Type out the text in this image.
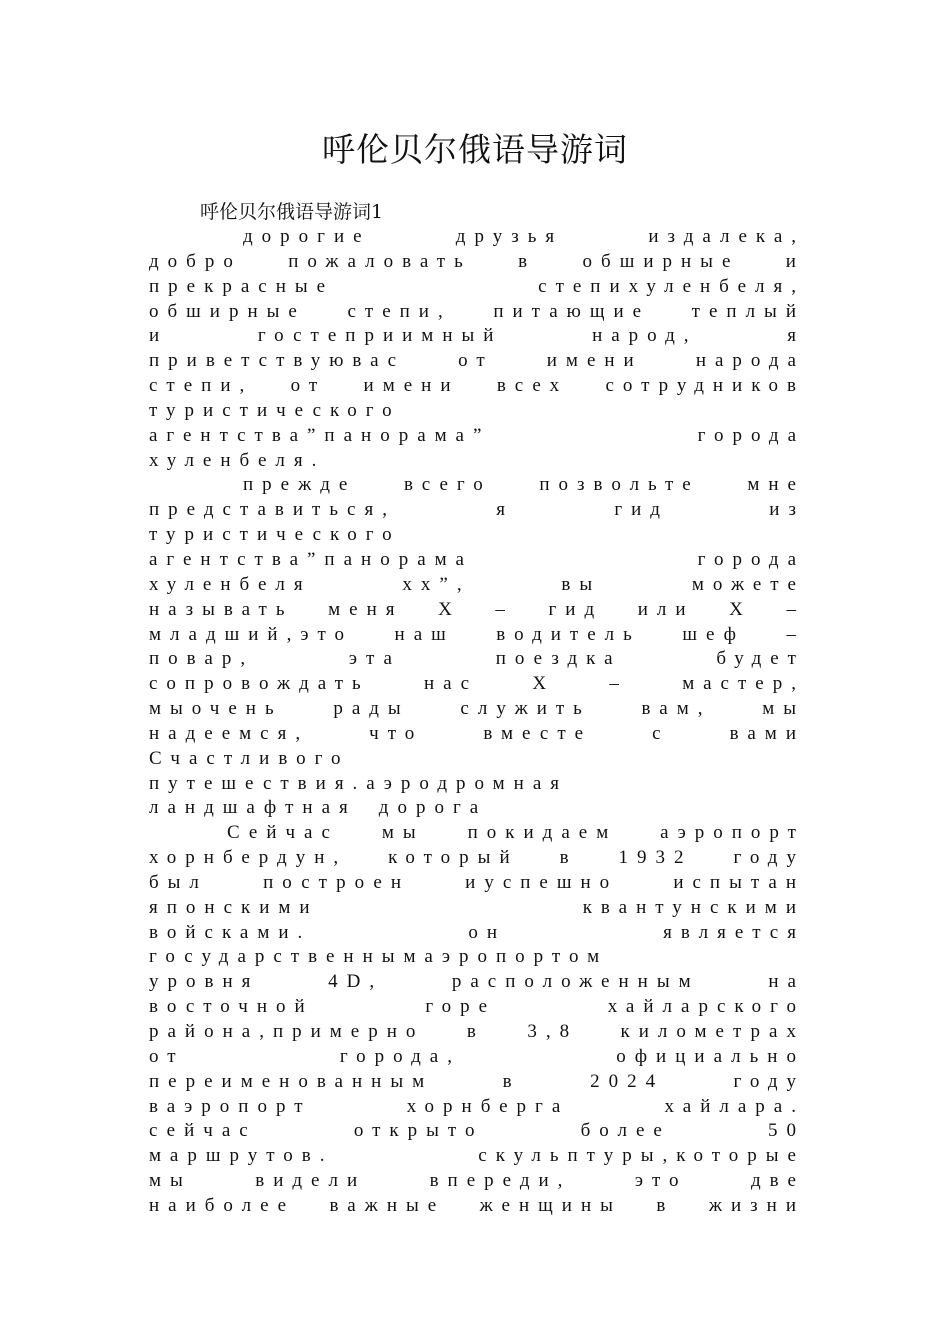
呼伦贝尔俄语导游词
呼伦贝尔俄语导游词1
дорогие	друзья	издалека,
добро пожаловать в обширные и
прекрасные	степихуленбеля,
обширные степи, питающие теплый
и	гостеприимный	народ,	я
приветствуювас	от	имени	народа
степи, от имени всех сотрудников
туристического
агентства”панорама”	города
хуленбеля.
прежде	всего	позвольте	мне
представиться,	я	гид	из
туристического
агентства”панорама	города
хуленбеля	хх”,	вы	можете
называть меня Х – гид или Х –
младший,это наш водитель шеф –
повар,	эта	поездка	будет
сопровождать	нас	Х	–	мастер,
мыочень	рады	служить	вам,	мы
надеемся,	что	вместе	с	вами
Счастливого
путешествия.аэродромная
ландшафтная дорога
Сейчас мы покидаем аэропорт
хорнбердун, который в 1932 году
был	построен	иуспешно	испытан
японскими	квантунскими
войсками.	он	является
государственнымаэропортом
уровня	4D,	расположенным	на
восточной	горе	хайларского
района,примерно в 3,8 километрах
от	города,	официально
переименованным	в	2024	году
ваэропорт	хорнберга	хайлара.
сейчас	открыто	более	50
маршрутов.	скульптуры,которые
мы	видели	впереди,	это	две
наиболее важные женщины в жизни
